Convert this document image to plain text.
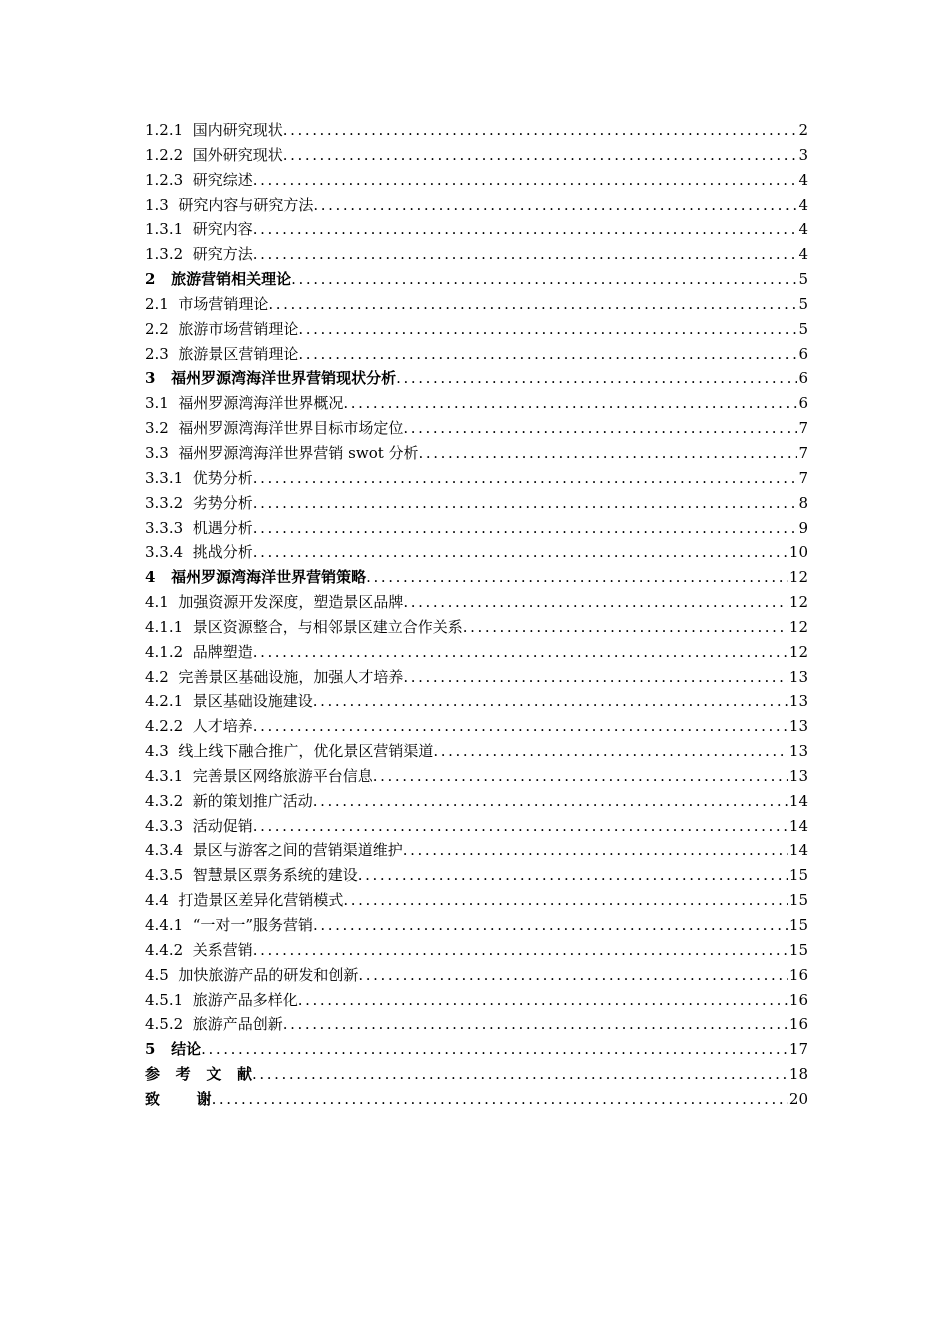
1.2.1  国内研究现状 .....	2
1.2.2  国外研究现状 .....	3
1.2.3  研究综述 .....	4
1.3  研究内容与研究方法 .....	4
1.3.1  研究内容 .....	4
1.3.2  研究方法 .....	4
2   旅游营销相关理论 .....	5
2.1  市场营销理论 .....	5
2.2  旅游市场营销理论 .....	5
2.3  旅游景区营销理论 .....	6
3   福州罗源湾海洋世界营销现状分析 .....	6
3.1  福州罗源湾海洋世界概况 .....	6
3.2  福州罗源湾海洋世界目标市场定位 .....	7
3.3  福州罗源湾海洋世界营销 swot 分析 .....	7
3.3.1  优势分析 .....	7
3.3.2  劣势分析 .....	8
3.3.3  机遇分析 .....	9
3.3.4  挑战分析 .....	10
4   福州罗源湾海洋世界营销策略 .....	12
4.1  加强资源开发深度，塑造景区品牌 .....	12
4.1.1  景区资源整合，与相邻景区建立合作关系 .....	12
4.1.2  品牌塑造 .....	12
4.2  完善景区基础设施，加强人才培养 .....	13
4.2.1  景区基础设施建设 .....	13
4.2.2  人才培养 .....	13
4.3  线上线下融合推广，优化景区营销渠道 .....	13
4.3.1  完善景区网络旅游平台信息 .....	13
4.3.2  新的策划推广活动 .....	14
4.3.3  活动促销 .....	14
4.3.4  景区与游客之间的营销渠道维护 .....	14
4.3.5  智慧景区票务系统的建设 .....	15
4.4  打造景区差异化营销模式 .....	15
4.4.1  “一对一”服务营销 .....	15
4.4.2  关系营销 .....	15
4.5  加快旅游产品的研发和创新 .....	16
4.5.1  旅游产品多样化 .....	16
4.5.2  旅游产品创新 .....	16
5   结论 .....	17
参   考   文   献 .....	18
致       谢 .....	20
